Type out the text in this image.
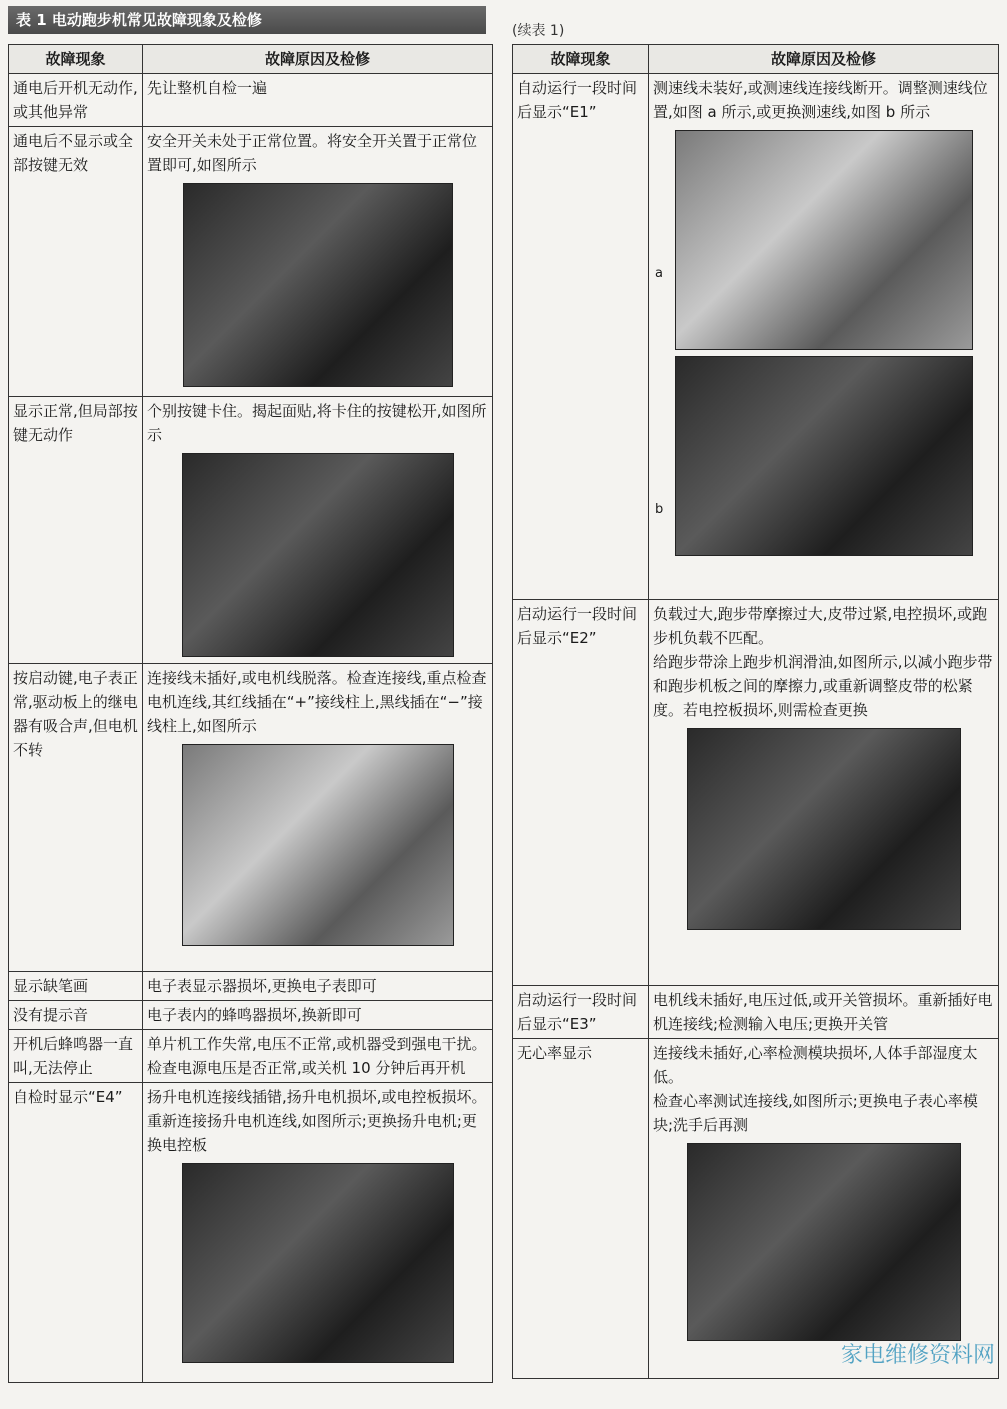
表 1 电动跑步机常见故障现象及检修
(续表 1)
故障现象	故障原因及检修
通电后开机无动作,或其他异常	先让整机自检一遍
通电后不显示或全部按键无效	安全开关未处于正常位置。将安全开关置于正常位置即可,如图所示

显示正常,但局部按键无动作	个别按键卡住。揭起面贴,将卡住的按键松开,如图所示

按启动键,电子表正常,驱动板上的继电器有吸合声,但电机不转	连接线未插好,或电机线脱落。检查连接线,重点检查电机连线,其红线插在“+”接线柱上,黑线插在“−”接线柱上,如图所示

显示缺笔画	电子表显示器损坏,更换电子表即可
没有提示音	电子表内的蜂鸣器损坏,换新即可
开机后蜂鸣器一直叫,无法停止	单片机工作失常,电压不正常,或机器受到强电干扰。检查电源电压是否正常,或关机 10 分钟后再开机
自检时显示“E4”	扬升电机连接线插错,扬升电机损坏,或电控板损坏。重新连接扬升电机连线,如图所示;更换扬升电机;更换电控板
故障现象	故障原因及检修
自动运行一段时间后显示“E1”	测速线未装好,或测速线连接线断开。调整测速线位置,如图 a 所示,或更换测速线,如图 b 所示
a
b

启动运行一段时间后显示“E2”	负载过大,跑步带摩擦过大,皮带过紧,电控损坏,或跑步机负载不匹配。
给跑步带涂上跑步机润滑油,如图所示,以减小跑步带和跑步机板之间的摩擦力,或重新调整皮带的松紧度。若电控板损坏,则需检查更换

启动运行一段时间后显示“E3”	电机线未插好,电压过低,或开关管损坏。重新插好电机连接线;检测输入电压;更换开关管
无心率显示	连接线未插好,心率检测模块损坏,人体手部湿度太低。
检查心率测试连接线,如图所示;更换电子表心率模块;洗手后再测
家电维修资料网
